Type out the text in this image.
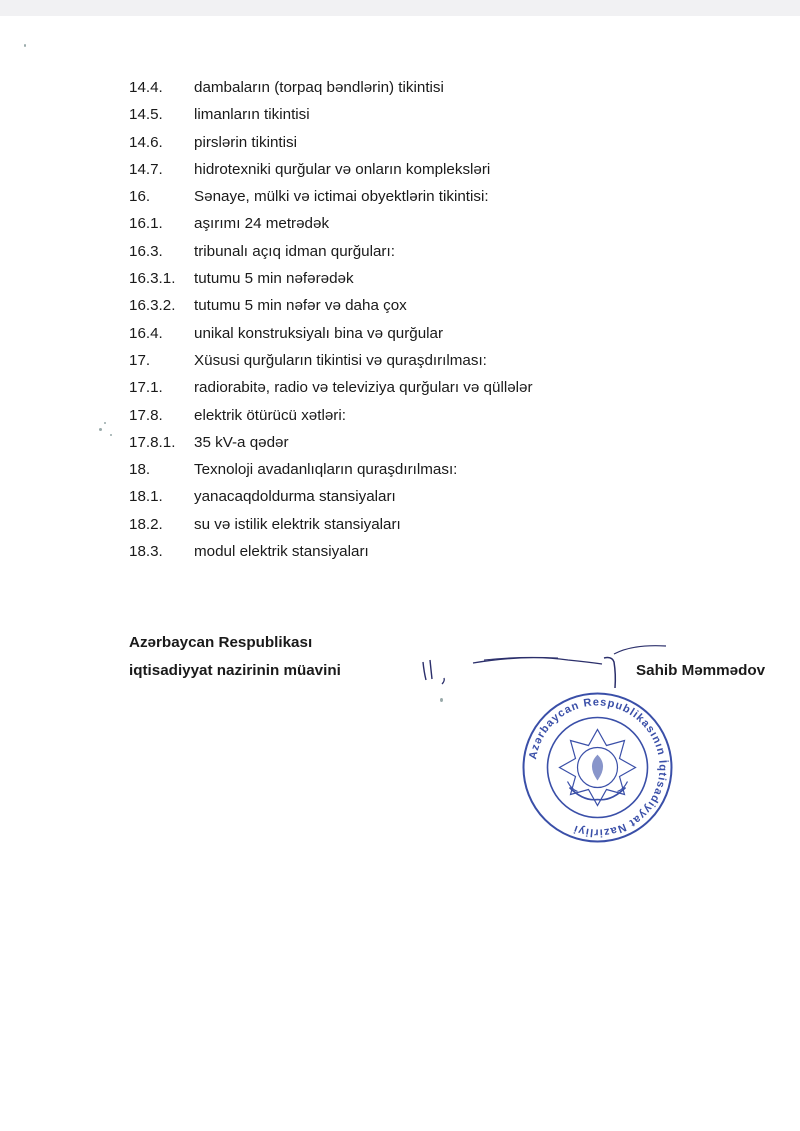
14.4.	dambaların (torpaq bəndlərin) tikintisi
14.5.	limanların tikintisi
14.6.	pirslərin tikintisi
14.7.	hidrotexniki qurğular və onların kompleksləri
16.	Sənaye, mülki və ictimai obyektlərin tikintisi:
16.1.	aşırımı 24 metrədək
16.3.	tribunalı açıq idman qurğuları:
16.3.1.	tutumu 5 min nəfərədək
16.3.2.	tutumu 5 min nəfər və daha çox
16.4.	unikal konstruksiyalı bina və qurğular
17.	Xüsusi qurğuların tikintisi və quraşdırılması:
17.1.	radiorabitə, radio və televiziya qurğuları və qüllələr
17.8.	elektrik ötürücü xətləri:
17.8.1.	35 kV-a qədər
18.	Texnoloji avadanlıqların quraşdırılması:
18.1.	yanacaqdoldurma stansiyaları
18.2.	su və istilik elektrik stansiyaları
18.3.	modul elektrik stansiyaları
Azərbaycan Respublikası
iqtisadiyyat nazirinin müavini	Sahib Məmmədov
Azərbaycan Respublikasının İqtisadiyyat Nazirliyi
